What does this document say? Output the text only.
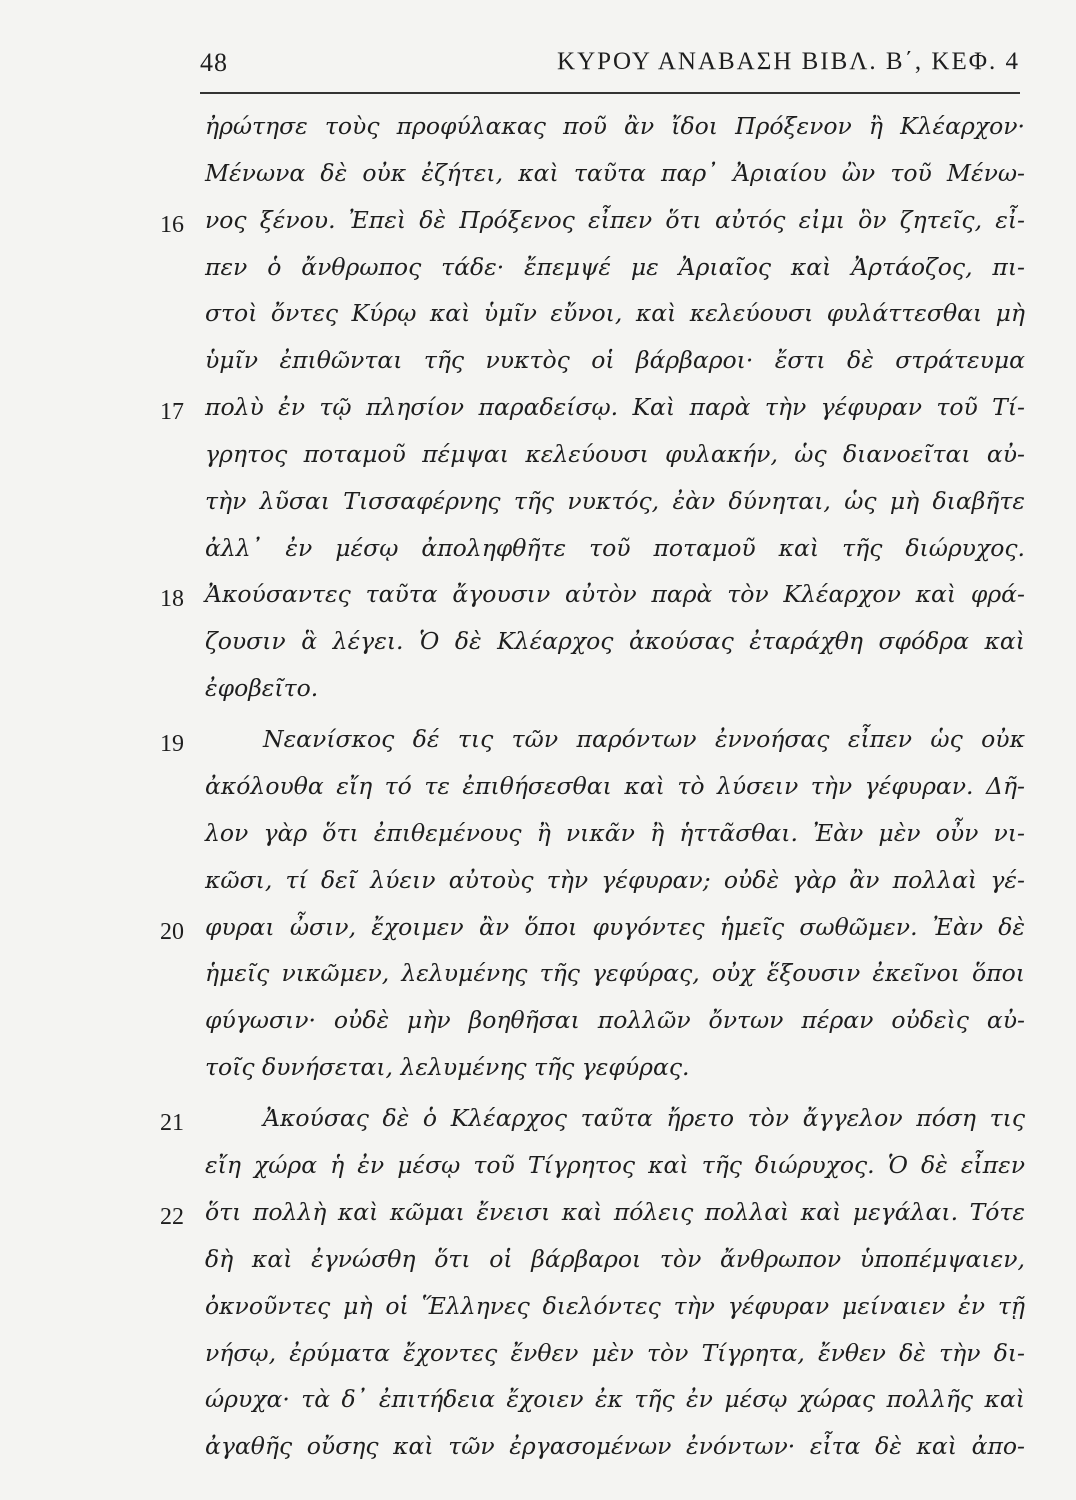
48	ΚΥΡΟΥ ΑΝΑΒΑΣΗ ΒΙΒΛ. Β΄, ΚΕΦ. 4
ἠρώτησε τοὺς προφύλακας ποῦ ἂν ἴδοι Πρόξενον ἢ Κλέαρχον·
Μένωνα δὲ οὐκ ἐζήτει, καὶ ταῦτα παρ᾽ Ἀριαίου ὢν τοῦ Μένω-
16 νος ξένου. Ἐπεὶ δὲ Πρόξενος εἶπεν ὅτι αὐτός εἰμι ὃν ζητεῖς, εἶ-
πεν ὁ ἄνθρωπος τάδε· ἔπεμψέ με Ἀριαῖος καὶ Ἀρτάοζος, πι-
στοὶ ὄντες Κύρῳ καὶ ὑμῖν εὔνοι, καὶ κελεύουσι φυλάττεσθαι μὴ
ὑμῖν ἐπιθῶνται τῆς νυκτὸς οἱ βάρβαροι· ἔστι δὲ στράτευμα
17 πολὺ ἐν τῷ πλησίον παραδείσῳ. Καὶ παρὰ τὴν γέφυραν τοῦ Τί-
γρητος ποταμοῦ πέμψαι κελεύουσι φυλακήν, ὡς διανοεῖται αὐ-
τὴν λῦσαι Τισσαφέρνης τῆς νυκτός, ἐὰν δύνηται, ὡς μὴ διαβῆτε
ἀλλ᾽ ἐν μέσῳ ἀποληφθῆτε τοῦ ποταμοῦ καὶ τῆς διώρυχος.
18 Ἀκούσαντες ταῦτα ἄγουσιν αὐτὸν παρὰ τὸν Κλέαρχον καὶ φρά-
ζουσιν ἃ λέγει. Ὁ δὲ Κλέαρχος ἀκούσας ἐταράχθη σφόδρα καὶ
ἐφοβεῖτο.
19	Νεανίσκος δέ τις τῶν παρόντων ἐννοήσας εἶπεν ὡς οὐκ
ἀκόλουθα εἴη τό τε ἐπιθήσεσθαι καὶ τὸ λύσειν τὴν γέφυραν. Δῆ-
λον γὰρ ὅτι ἐπιθεμένους ἢ νικᾶν ἢ ἡττᾶσθαι. Ἐὰν μὲν οὖν νι-
κῶσι, τί δεῖ λύειν αὐτοὺς τὴν γέφυραν; οὐδὲ γὰρ ἂν πολλαὶ γέ-
20 φυραι ὦσιν, ἔχοιμεν ἂν ὅποι φυγόντες ἡμεῖς σωθῶμεν. Ἐὰν δὲ
ἡμεῖς νικῶμεν, λελυμένης τῆς γεφύρας, οὐχ ἕξουσιν ἐκεῖνοι ὅποι
φύγωσιν· οὐδὲ μὴν βοηθῆσαι πολλῶν ὄντων πέραν οὐδεὶς αὐ-
τοῖς δυνήσεται, λελυμένης τῆς γεφύρας.
21	Ἀκούσας δὲ ὁ Κλέαρχος ταῦτα ἤρετο τὸν ἄγγελον πόση τις
εἴη χώρα ἡ ἐν μέσῳ τοῦ Τίγρητος καὶ τῆς διώρυχος. Ὁ δὲ εἶπεν
22 ὅτι πολλὴ καὶ κῶμαι ἔνεισι καὶ πόλεις πολλαὶ καὶ μεγάλαι. Τότε
δὴ καὶ ἐγνώσθη ὅτι οἱ βάρβαροι τὸν ἄνθρωπον ὑποπέμψαιεν,
ὀκνοῦντες μὴ οἱ Ἕλληνες διελόντες τὴν γέφυραν μείναιεν ἐν τῇ
νήσῳ, ἐρύματα ἔχοντες ἔνθεν μὲν τὸν Τίγρητα, ἔνθεν δὲ τὴν δι-
ώρυχα· τὰ δ᾽ ἐπιτήδεια ἔχοιεν ἐκ τῆς ἐν μέσῳ χώρας πολλῆς καὶ
ἀγαθῆς οὔσης καὶ τῶν ἐργασομένων ἐνόντων· εἶτα δὲ καὶ ἀπο-
